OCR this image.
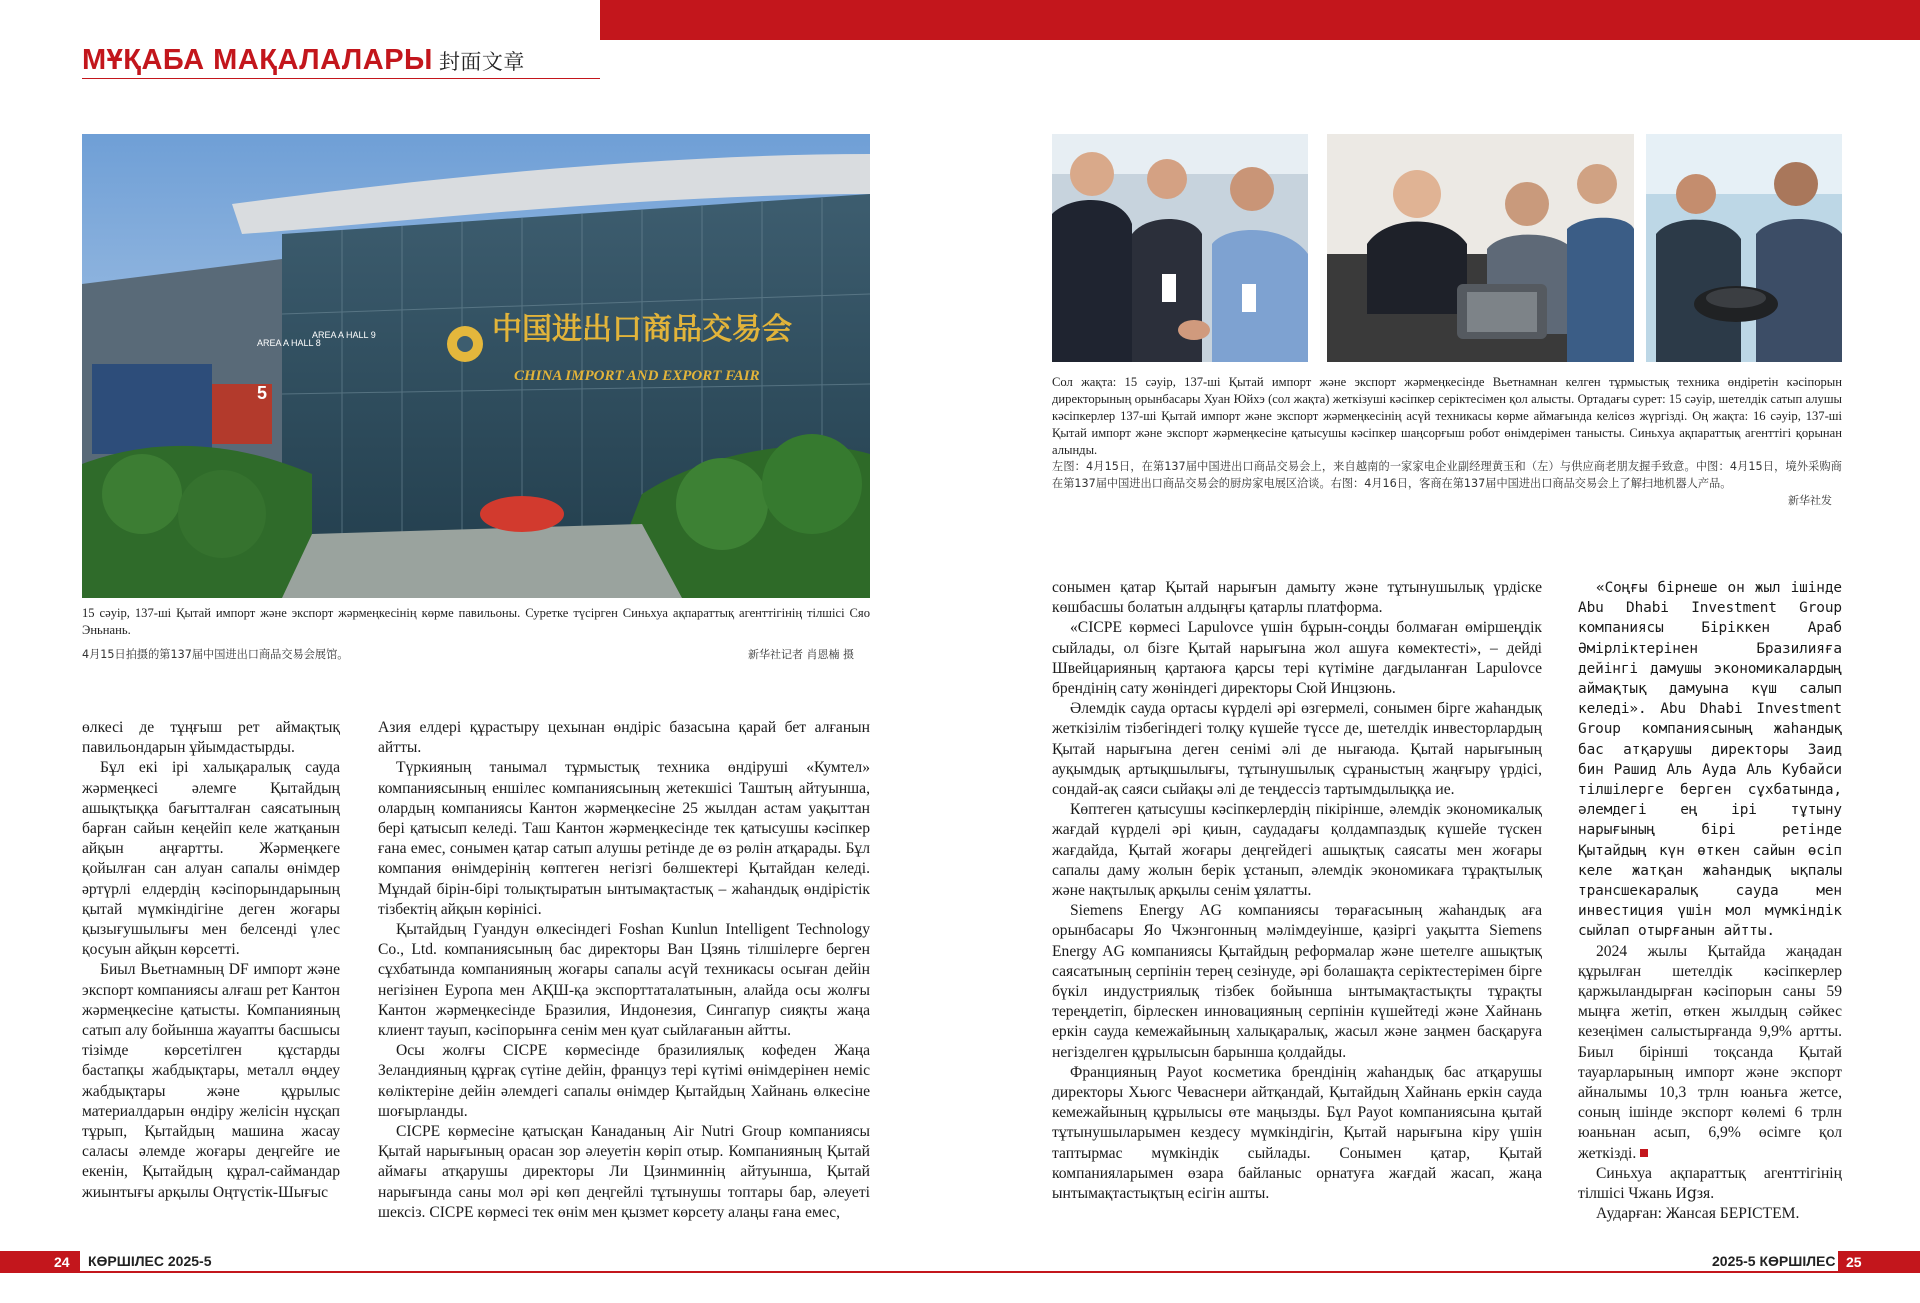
МҰҚАБА МАҚАЛАЛАРЫ 封面文章
AREA A HALL 8
AREA A HALL 9
5
中国进出口商品交易会
CHINA IMPORT AND EXPORT FAIR
15 сәуір, 137-ші Қытай импорт және экспорт жәрмеңкесінің көрме павильоны. Суретке түсірген Синьхуа ақпараттық агенттігінің тілшісі Сяо Эньнань.
4月15日拍摄的第137届中国进出口商品交易会展馆。	新华社记者 肖恩楠 摄
Сол жақта: 15 сәуір, 137-ші Қытай импорт және экспорт жәрмеңкесінде Вьетнамнан келген тұрмыстық техника өндіретін кәсіпорын директорының орынбасары Хуан Юйхэ (сол жақта) жеткізуші кәсіпкер серіктесімен қол алысты. Ортадағы сурет: 15 сәуір, шетелдік сатып алушы кәсіпкерлер 137-ші Қытай импорт және экспорт жәрмеңкесінің асүй техникасы көрме аймағында келісөз жүргізді. Оң жақта: 16 сәуір, 137-ші Қытай импорт және экспорт жәрмеңкесіне қатысушы кәсіпкер шаңсорғыш робот өнімдерімен танысты. Синьхуа ақпараттық агенттігі қорынан алынды.
左图：4月15日，在第137届中国进出口商品交易会上，来自越南的一家家电企业副经理黄玉和（左）与供应商老朋友握手致意。中图：4月15日，境外采购商在第137届中国进出口商品交易会的厨房家电展区洽谈。右图：4月16日，客商在第137届中国进出口商品交易会上了解扫地机器人产品。
新华社发

өлкесі де тұңғыш рет аймақтық павильондарын ұйымдастырды.

Бұл екі ірі халықаралық сауда жәрмеңкесі әлемге Қытайдың ашықтыққа бағытталған саясатының барған сайын кеңейіп келе жатқанын айқын аңғартты. Жәрмеңкеге қойылған сан алуан сапалы өнімдер әртүрлі елдердің кәсіпорындарының қытай мүмкіндігіне деген жоғары қызығушылығы мен белсенді үлес қосуын айқын көрсетті.

Биыл Вьетнамның DF импорт және экспорт компаниясы алғаш рет Кантон жәрмеңкесіне қатысты. Компанияның сатып алу бойынша жауапты басшысы тізімде көрсетілген құстарды бастапқы жабдықтары, металл өңдеу жабдықтары және құрылыс материалдарын өндіру желісін нұсқап тұрып, Қытайдың машина жасау саласы әлемде жоғары деңгейге ие екенін, Қытайдың құрал-саймандар жиынтығы арқылы Оңтүстік-Шығыс

Азия елдері құрастыру цехынан өндіріс базасына қарай бет алғанын айтты.

Түркияның танымал тұрмыстық техника өндіруші «Кумтел» компаниясының еншілес компаниясының жетекшісі Таштың айтуынша, олардың компаниясы Кантон жәрмеңкесіне 25 жылдан астам уақыттан бері қатысып келеді. Таш Кантон жәрмеңкесінде тек қатысушы кәсіпкер ғана емес, сонымен қатар сатып алушы ретінде де өз рөлін атқарады. Бұл компания өнімдерінің көптеген негізгі бөлшектері Қытайдан келеді. Мұндай бірін-бірі толықтыратын ынтымақтастық – жаһандық өндірістік тізбектің айқын көрінісі.

Қытайдың Гуандун өлкесіндегі Foshan Kunlun Intelligent Technology Co., Ltd. компаниясының бас директоры Ван Цзянь тілшілерге берген сұхбатында компанияның жоғары сапалы асүй техникасы осыған дейін негізінен Еуропа мен АҚШ-қа экспорттаталатынын, алайда осы жолғы Кантон жәрмеңкесінде Бразилия, Индонезия, Сингапур сияқты жаңа клиент тауып, кәсіпорынға сенім мен қуат сыйлағанын айтты.

Осы жолғы CICPE көрмесінде бразилиялық кофеден Жаңа Зеландияның құрғақ сүтіне дейін, француз тері күтімі өнімдерінен неміс көліктеріне дейін әлемдегі сапалы өнімдер Қытайдың Хайнань өлкесіне шоғырланды.

CICPE көрмесіне қатысқан Канаданың Air Nutri Group компаниясы Қытай нарығының орасан зор әлеуетін көріп отыр. Компанияның Қытай аймағы атқарушы директоры Ли Цзинминнің айтуынша, Қытай нарығында саны мол әрі көп деңгейлі тұтынушы топтары бар, әлеуеті шексіз. CICPE көрмесі тек өнім мен қызмет көрсету алаңы ғана емес,

сонымен қатар Қытай нарығын дамыту және тұтынушылық үрдіске көшбасшы болатын алдыңғы қатарлы платформа.

«CICPE көрмесі Lapulovce үшін бұрын-соңды болмаған өміршеңдік сыйлады, ол бізге Қытай нарығына жол ашуға көмектесті», – дейді Швейцарияның қартаюға қарсы тері күтіміне дағдыланған Lapulovce брендінің сату жөніндегі директоры Сюй Инцзюнь.

Әлемдік сауда ортасы күрделі әрі өзгермелі, сонымен бірге жаһандық жеткізілім тізбегіндегі толқу күшейе түссе де, шетелдік инвесторлардың Қытай нарығына деген сенімі әлі де нығаюда. Қытай нарығының ауқымдық артықшылығы, тұтынушылық сұраныстың жаңғыру үрдісі, сондай-ақ саяси сыйақы әлі де теңдессіз тартымдылыққа ие.

Көптеген қатысушы кәсіпкерлердің пікірінше, әлемдік экономикалық жағдай күрделі әрі қиын, саудадағы қолдампаздық күшейе түскен жағдайда, Қытай жоғары деңгейдегі ашықтық саясаты мен жоғары сапалы даму жолын берік ұстанып, әлемдік экономикаға тұрақтылық және нақтылық арқылы сенім ұялатты.

Siemens Energy AG компаниясы төрағасының жаһандық аға орынбасары Яо Чжэнгонның мәлімдеуінше, қазіргі уақытта Siemens Energy AG компаниясы Қытайдың реформалар және шетелге ашықтық саясатының серпінін терең сезінуде, әрі болашақта серіктестерімен бірге бүкіл индустриялық тізбек бойынша ынтымақтастықты тұрақты тереңдетіп, бірлескен инновацияның серпінін күшейтеді және Хайнань еркін сауда кемежайының халықаралық, жасыл және заңмен басқаруға негізделген құрылысын барынша қолдайды.

Францияның Payot косметика брендінің жаһандық бас атқарушы директоры Хьюгс Чеваснери айтқандай, Қытайдың Хайнань еркін сауда кемежайының құрылысы өте маңызды. Бұл Payot компаниясына қытай тұтынушыларымен кездесу мүмкіндігін, Қытай нарығына кіру үшін таптырмас мүмкіндік сыйлады. Сонымен қатар, Қытай компанияларымен өзара байланыс орнатуға жағдай жасап, жаңа ынтымақтастықтың есігін ашты.

«Соңғы бірнеше он жыл ішінде Abu Dhabi Investment Group компаниясы Біріккен Араб Әмірліктерінен Бразилияға дейінгі дамушы экономикалардың аймақтық дамуына күш салып келеді». Abu Dhabi Investment Group компаниясының жаһандық бас атқарушы директоры Заид бин Рашид Аль Ауда Аль Кубайси тілшілерге берген сұхбатында, әлемдегі ең ірі тұтыну нарығының бірі ретінде Қытайдың күн өткен сайын өсіп келе жатқан жаһандық ықпалы трансшекаралық сауда мен инвестиция үшін мол мүмкіндік сыйлап отырғанын айтты.

2024 жылы Қытайда жаңадан құрылған шетелдік кәсіпкерлер қаржыландырған кәсіпорын саны 59 мыңға жетіп, өткен жылдың сәйкес кезеңімен салыстырғанда 9,9% артты. Биыл бірінші тоқсанда Қытай тауарларының импорт және экспорт айналымы 10,3 трлн юаньға жетсе, соның ішінде экспорт көлемі 6 трлн юаньнан асып, 6,9% өсімге қол жеткізді.

Синьхуа ақпараттық агенттігінің тілшісі Чжань Иցзя.

Аударған: Жансая БЕРІСТЕМ.

24 КӨРШІЛЕС 2025-5	2025-5 КӨРШІЛЕС 25
